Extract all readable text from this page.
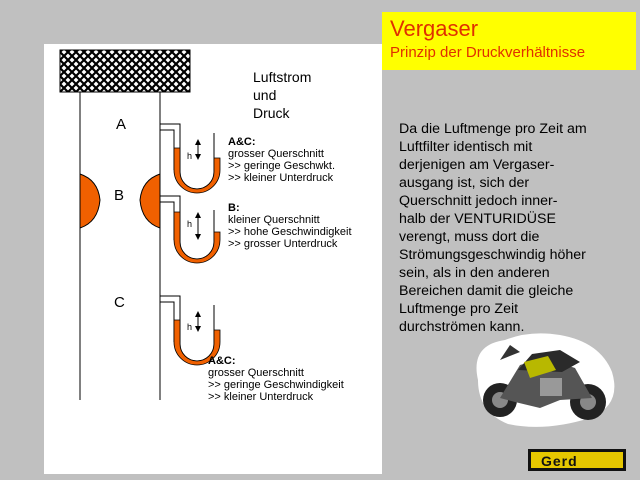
Vergaser
Prinzip der Druckverhältnisse
Luftstrom
und
Druck
A
B
C
h
h
h
A&C:
grosser Querschnitt
>> geringe Geschwkt.
>> kleiner Unterdruck
B:
kleiner Querschnitt
>> hohe Geschwindigkeit
>> grosser Unterdruck
A&C:
grosser Querschnitt
>> geringe Geschwindigkeit
>> kleiner Unterdruck
Da die Luftmenge pro Zeit am
Luftfilter identisch mit
derjenigen am Vergaser-
ausgang ist, sich der
Querschnitt jedoch inner-
halb der VENTURIDÜSE
verengt, muss dort die
Strömungsgeschwindig höher
sein, als in den anderen
Bereichen damit die gleiche
Luftmenge pro Zeit
durchströmen kann.
Gerd
